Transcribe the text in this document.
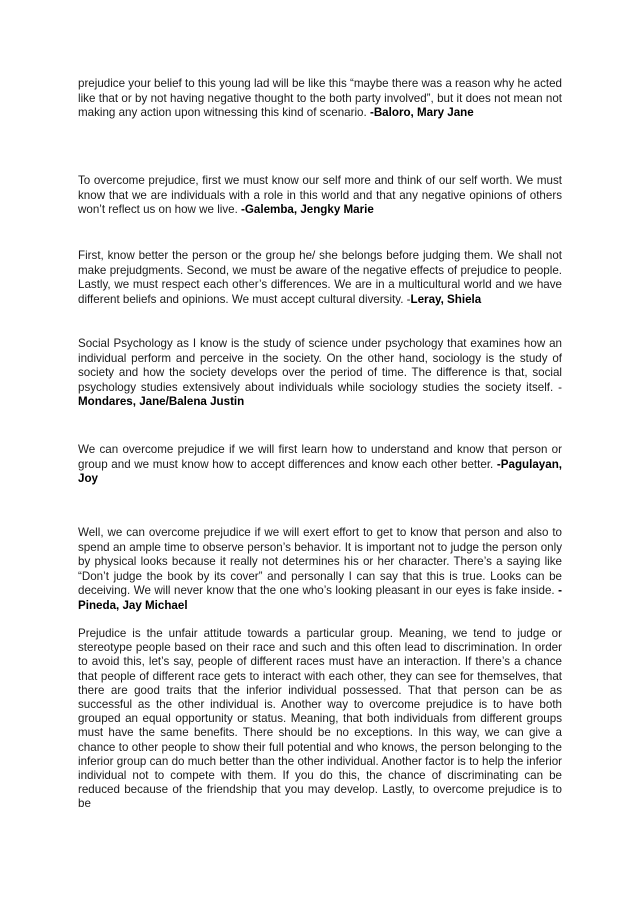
prejudice your belief to this young lad will be like this “maybe there was a reason why he acted like that or by not having negative thought to the both party involved”, but it does not mean not making any action upon witnessing this kind of scenario. -Baloro, Mary Jane

To overcome prejudice, first we must know our self more and think of our self worth. We must know that we are individuals with a role in this world and that any negative opinions of others won’t reflect us on how we live. -Galemba, Jengky Marie

First, know better the person or the group he/ she belongs before judging them. We shall not make prejudgments. Second, we must be aware of the negative effects of prejudice to people. Lastly, we must respect each other’s differences. We are in a multicultural world and we have different beliefs and opinions. We must accept cultural diversity. -Leray, Shiela

Social Psychology as I know is the study of science under psychology that examines how an individual perform and perceive in the society. On the other hand, sociology is the study of society and how the society develops over the period of time. The difference is that, social psychology studies extensively about individuals while sociology studies the society itself. -Mondares, Jane/Balena Justin

We can overcome prejudice if we will first learn how to understand and know that person or group and we must know how to accept differences and know each other better. -Pagulayan, Joy

Well, we can overcome prejudice if we will exert effort to get to know that person and also to spend an ample time to observe person’s behavior. It is important not to judge the person only by physical looks because it really not determines his or her character. There’s a saying like “Don’t judge the book by its cover” and personally I can say that this is true. Looks can be deceiving. We will never know that the one who’s looking pleasant in our eyes is fake inside. -Pineda, Jay Michael

Prejudice is the unfair attitude towards a particular group. Meaning, we tend to judge or stereotype people based on their race and such and this often lead to discrimination. In order to avoid this, let’s say, people of different races must have an interaction. If there’s a chance that people of different race gets to interact with each other, they can see for themselves, that there are good traits that the inferior individual possessed. That that person can be as successful as the other individual is. Another way to overcome prejudice is to have both grouped an equal opportunity or status. Meaning, that both individuals from different groups must have the same benefits. There should be no exceptions. In this way, we can give a chance to other people to show their full potential and who knows, the person belonging to the inferior group can do much better than the other individual. Another factor is to help the inferior individual not to compete with them. If you do this, the chance of discriminating can be reduced because of the friendship that you may develop. Lastly, to overcome prejudice is to be
